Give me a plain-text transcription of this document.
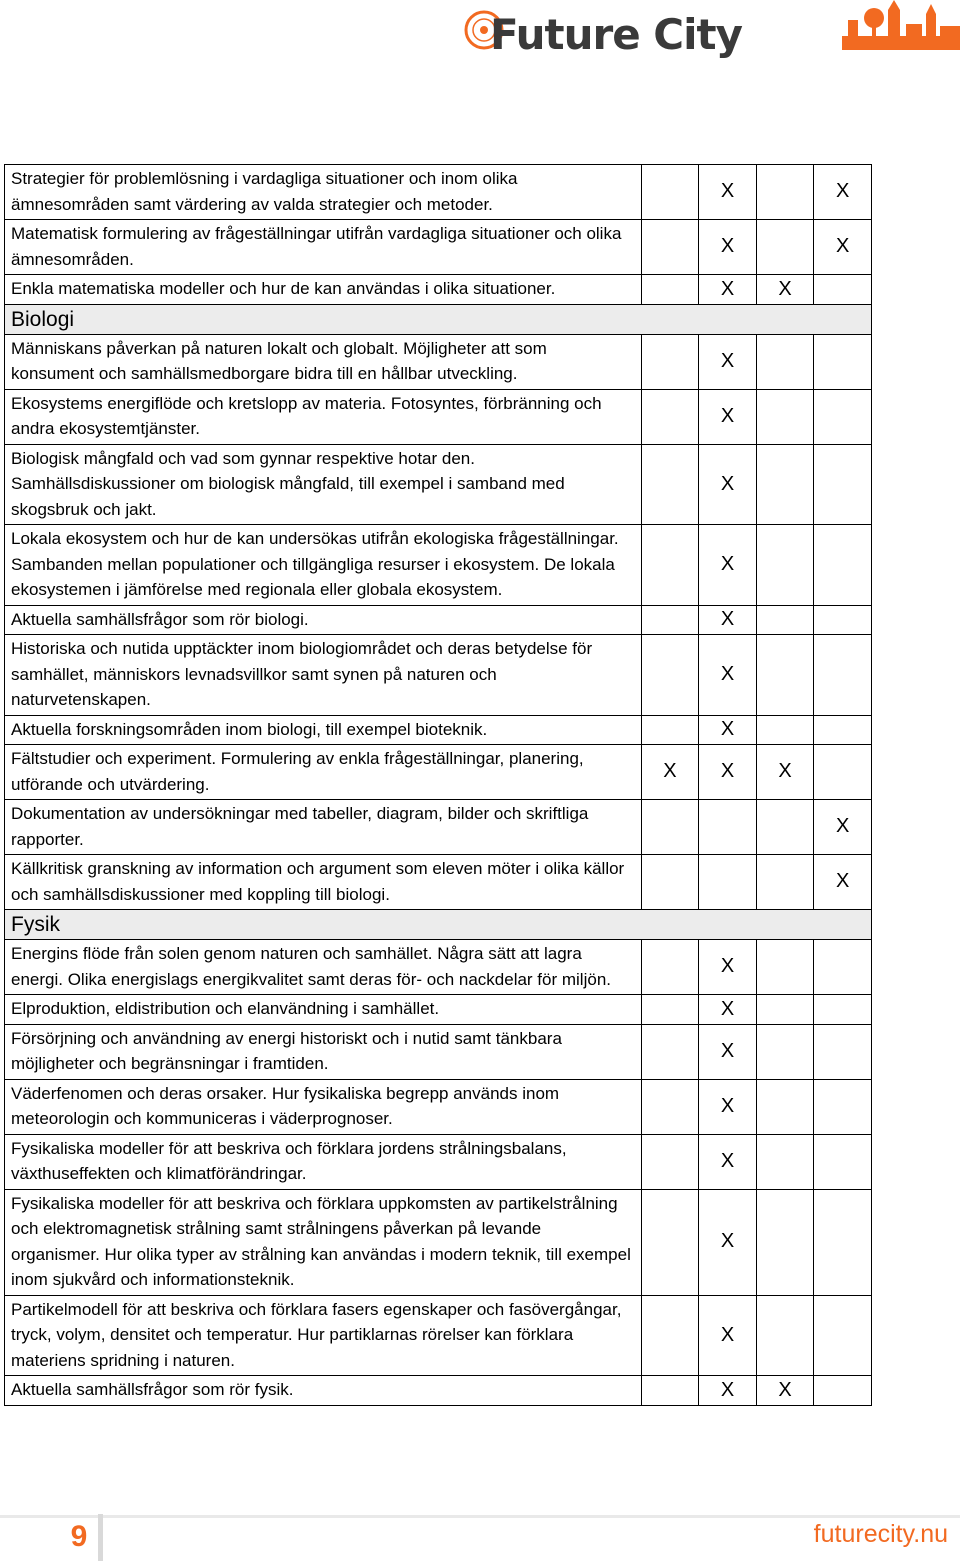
Future City
Strategier för problemlösning i vardagliga situationer och inom olika ämnesområden samt värdering av valda strategier och metoder.		X		X
Matematisk formulering av frågeställningar utifrån vardagliga situationer och olika ämnesområden.		X		X
Enkla matematiska modeller och hur de kan användas i olika situationer.		X	X	
Biologi				
Människans påverkan på naturen lokalt och globalt. Möjligheter att som konsument och samhällsmedborgare bidra till en hållbar utveckling.		X		
Ekosystems energiflöde och kretslopp av materia. Fotosyntes, förbränning och andra ekosystemtjänster.		X		
Biologisk mångfald och vad som gynnar respektive hotar den. Samhällsdiskussioner om biologisk mångfald, till exempel i samband med skogsbruk och jakt.		X		
Lokala ekosystem och hur de kan undersökas utifrån ekologiska frågeställningar. Sambanden mellan populationer och tillgängliga resurser i ekosystem. De lokala ekosystemen i jämförelse med regionala eller globala ekosystem.		X		
Aktuella samhällsfrågor som rör biologi.		X		
Historiska och nutida upptäckter inom biologiområdet och deras betydelse för samhället, människors levnadsvillkor samt synen på naturen och naturvetenskapen.		X		
Aktuella forskningsområden inom biologi, till exempel bioteknik.		X		
Fältstudier och experiment. Formulering av enkla frågeställningar, planering, utförande och utvärdering.	X	X	X	
Dokumentation av undersökningar med tabeller, diagram, bilder och skriftliga rapporter.				X
Källkritisk granskning av information och argument som eleven möter i olika källor och samhällsdiskussioner med koppling till biologi.				X
Fysik				
Energins flöde från solen genom naturen och samhället. Några sätt att lagra energi. Olika energislags energikvalitet samt deras för- och nackdelar för miljön.		X		
Elproduktion, eldistribution och elanvändning i samhället.		X		
Försörjning och användning av energi historiskt och i nutid samt tänkbara möjligheter och begränsningar i framtiden.		X		
Väderfenomen och deras orsaker. Hur fysikaliska begrepp används inom meteorologin och kommuniceras i väderprognoser.		X		
Fysikaliska modeller för att beskriva och förklara jordens strålningsbalans, växthuseffekten och klimatförändringar.		X		
Fysikaliska modeller för att beskriva och förklara uppkomsten av partikelstrålning och elektromagnetisk strålning samt strålningens påverkan på levande organismer. Hur olika typer av strålning kan användas i modern teknik, till exempel inom sjukvård och informationsteknik.		X		
Partikelmodell för att beskriva och förklara fasers egenskaper och fasövergångar, tryck, volym, densitet och temperatur. Hur partiklarnas rörelser kan förklara materiens spridning i naturen.		X		
Aktuella samhällsfrågor som rör fysik.		X	X	
9	futurecity.nu
